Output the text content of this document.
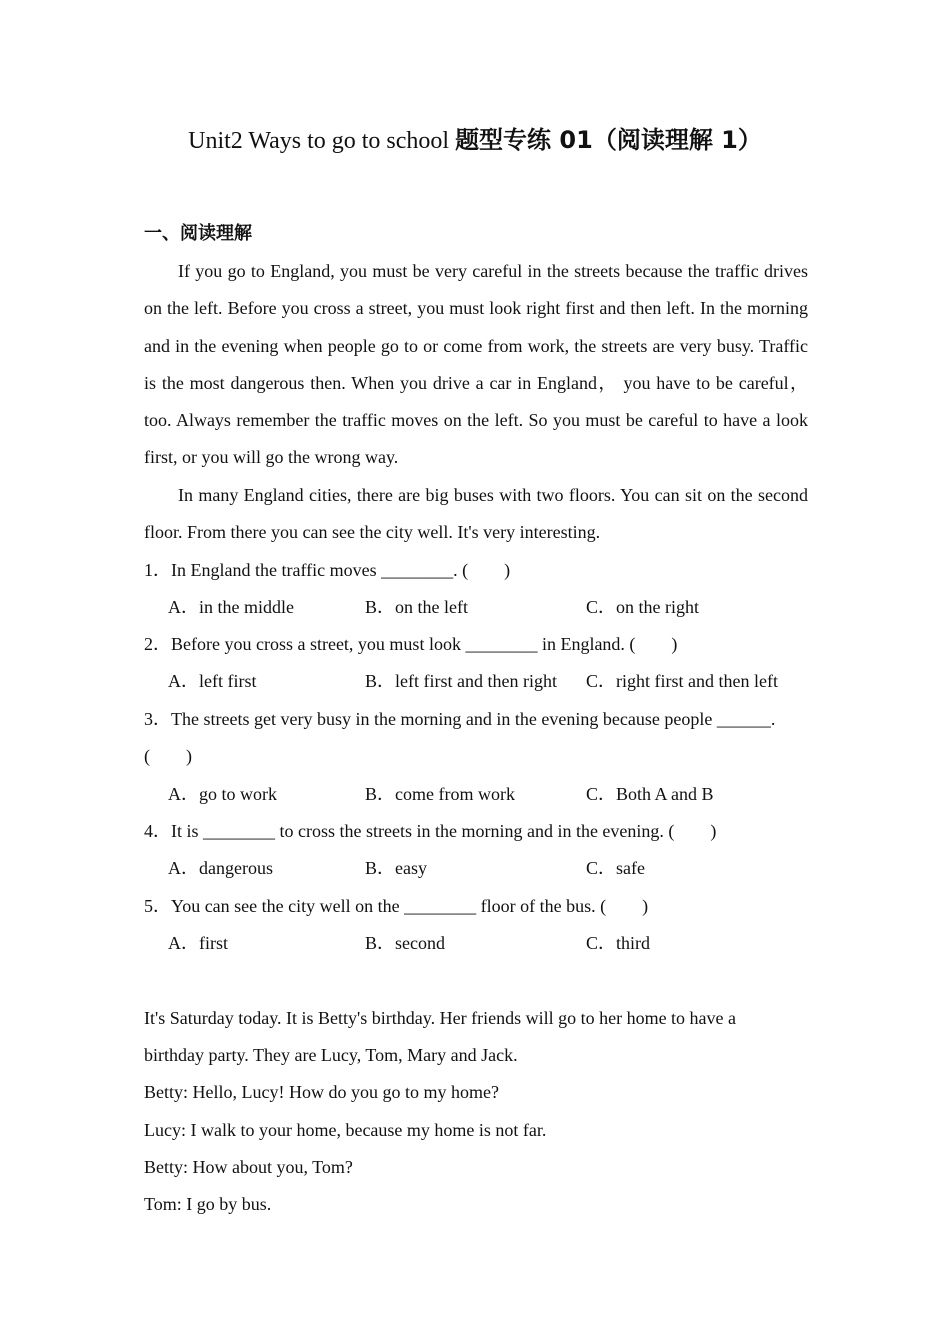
Unit2 Ways to go to school 题型专练 01（阅读理解 1）
一、阅读理解

If you go to England, you must be very careful in the streets because the traffic drives on the left. Before you cross a street, you must look right first and then left. In the morning and in the evening when people go to or come from work, the streets are very busy. Traffic is the most dangerous then. When you drive a car in England， you have to be careful， too. Always remember the traffic moves on the left. So you must be careful to have a look first, or you will go the wrong way.

In many England cities, there are big buses with two floors. You can sit on the second floor. From there you can see the city well. It's very interesting.

1．In England the traffic moves ________. (　　)
A．in the middle	B．on the left	C．on the right
2．Before you cross a street, you must look ________ in England. (　　)
A．left first	B．left first and then right C．right first and then left
3．The streets get very busy in the morning and in the evening because people ______.
(　　)
A．go to work	B．come from work	C．Both A and B
4．It is ________ to cross the streets in the morning and in the evening. (　　)
A．dangerous	B．easy	C．safe
5．You can see the city well on the ________ floor of the bus. (　　)
A．first	B．second	C．third
It's Saturday today. It is Betty's birthday. Her friends will go to her home to have a
birthday party. They are Lucy, Tom, Mary and Jack.
Betty: Hello, Lucy! How do you go to my home?
Lucy: I walk to your home, because my home is not far.
Betty: How about you, Tom?
Tom: I go by bus.
